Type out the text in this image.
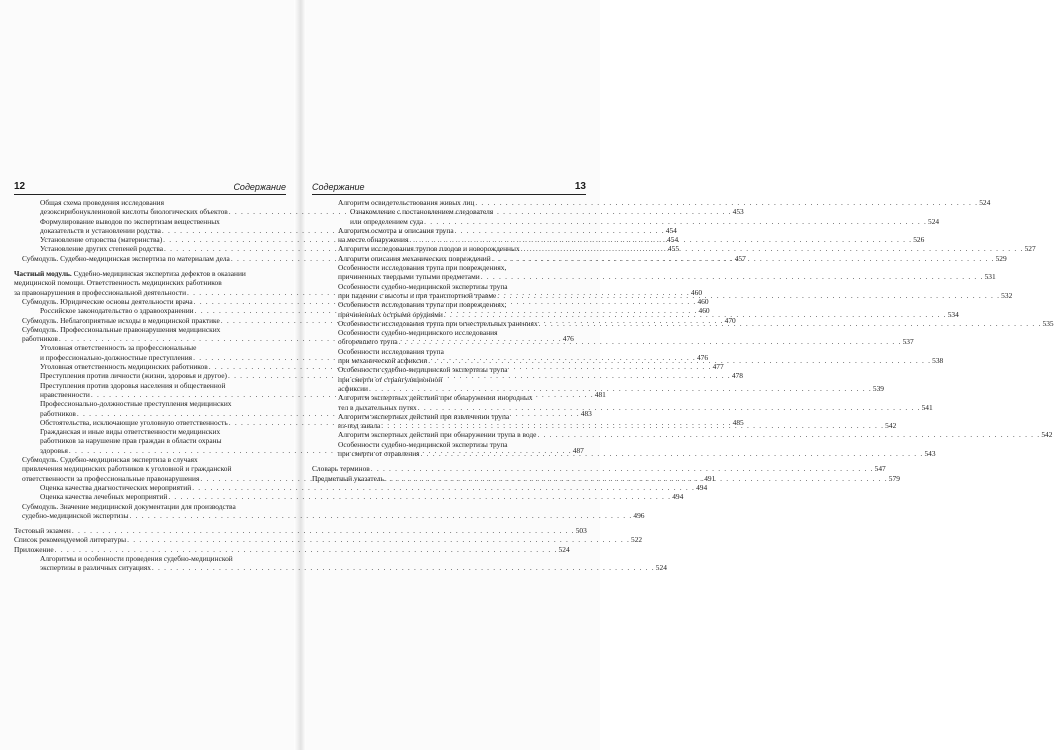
12	Содержание	Содержание	13
Общая схема проведения исследования
дезоксирибонуклеиновой кислоты биологических объектов . . .	453
Формулирование выводов по экспертизам вещественных
доказательств и установлении родства . . .	454
Установление отцовства (материнства) . . .	454
Установление других степеней родства . . .	455
Субмодуль. Судебно-медицинская экспертиза по материалам дела . . .	457
Частный модуль. Судебно-медицинская экспертиза дефектов в оказании
медицинской помощи. Ответственность медицинских работников
за правонарушения в профессиональной деятельности . . .	460
Субмодуль. Юридические основы деятельности врача . . .	460
Российское законодательство о здравоохранении . . .	460
Субмодуль. Неблагоприятные исходы в медицинской практике . . .	470
Субмодуль. Профессиональные правонарушения медицинских
работников . . .	476
Уголовная ответственность за профессиональные
и профессионально-должностные преступления . . .	476
Уголовная ответственность медицинских работников . . .	477
Преступления против личности (жизни, здоровья и другое) . . .	478
Преступления против здоровья населения и общественной
нравственности . . .	481
Профессионально-должностные преступления медицинских
работников . . .	483
Обстоятельства, исключающие уголовную ответственность . . .	485
Гражданская и иные виды ответственности медицинских
работников за нарушение прав граждан в области охраны
здоровья . . .	487
Субмодуль. Судебно-медицинская экспертиза в случаях
привлечения медицинских работников к уголовной и гражданской
ответственности за профессиональные правонарушения . . .	491
Оценка качества диагностических мероприятий . . .	494
Оценка качества лечебных мероприятий . . .	494
Субмодуль. Значение медицинской документации для производства
судебно-медицинской экспертизы . . .	496
Тестовый экзамен . . .	503
Список рекомендуемой литературы . . .	522
Приложение . . .	524
Алгоритмы и особенности проведения судебно-медицинской
экспертизы в различных ситуациях . . .	524
Алгоритм освидетельствования живых лиц . . .	524
Ознакомление с постановлением следователя
или определением суда . . .	524
Алгоритм осмотра и описания трупа
на месте обнаружения . . .	526
Алгоритм исследования трупов плодов и новорожденных . . .	527
Алгоритм описания механических повреждений . . .	529
Особенности исследования трупа при повреждениях,
причиненных твердыми тупыми предметами . . .	531
Особенности судебно-медицинской экспертизы трупа
при падении с высоты и при транспортной травме . . .	532
Особенности исследования трупа при повреждениях,
причиненных острыми орудиями . . .	534
Особенности исследования трупа при огнестрельных ранениях . . .	535
Особенности судебно-медицинского исследования
обгоревшего трупа . . .	537
Особенности исследования трупа
при механической асфиксии . . .	538
Особенности судебно-медицинской экспертизы трупа
при смерти от странгуляционной
асфиксии . . .	539
Алгоритм экспертных действий при обнаружении инородных
тел в дыхательных путях . . .	541
Алгоритм экспертных действий при извлечении трупа
из-под завала . . .	542
Алгоритм экспертных действий при обнаружении трупа в воде . . .	542
Особенности судебно-медицинской экспертизы трупа
при смерти от отравления . . .	543
Словарь терминов . . .	547
Предметный указатель . . .	579
